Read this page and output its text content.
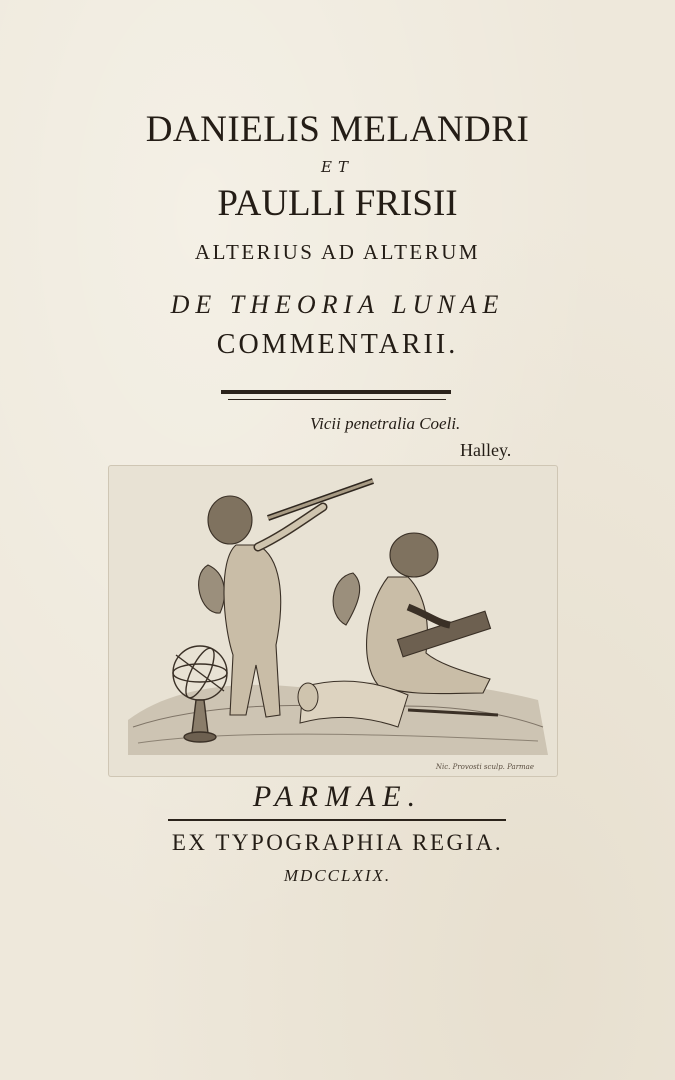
DANIELIS MELANDRI
ET
PAULLI FRISII
ALTERIUS AD ALTERUM
DE THEORIA LUNAE
COMMENTARII.
Vicii penetralia Coeli.
Halley.
Nic. Provosti sculp. Parmae
PARMAE.
EX TYPOGRAPHIA REGIA.
MDCCLXIX.
